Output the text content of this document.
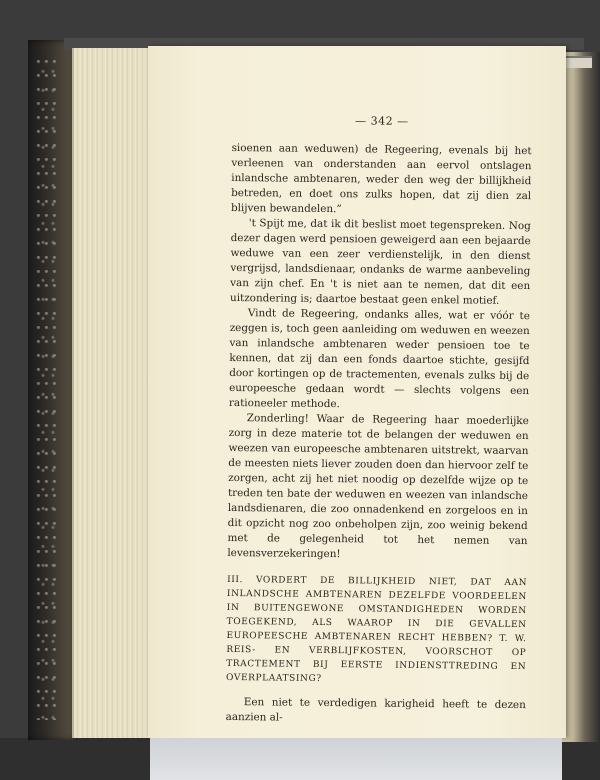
— 342 —

sioenen aan weduwen) de Regeering, evenals bij het verleenen van onderstanden aan eervol ontslagen inlandsche ambtenaren, weder den weg der billijkheid betreden, en doet ons zulks hopen, dat zij dien zal blijven bewandelen.”

't Spijt me, dat ik dit beslist moet tegenspreken. Nog dezer dagen werd pensioen geweigerd aan een bejaarde weduwe van een zeer verdienstelijk, in den dienst vergrijsd, landsdienaar, ondanks de warme aanbeveling van zijn chef. En 't is niet aan te nemen, dat dit een uitzondering is; daartoe bestaat geen enkel motief.

Vindt de Regeering, ondanks alles, wat er vóór te zeggen is, toch geen aanleiding om weduwen en weezen van inlandsche ambtenaren weder pensioen toe te kennen, dat zij dan een fonds daartoe stichte, gesijfd door kortingen op de tractementen, evenals zulks bij de europeesche gedaan wordt — slechts volgens een rationeeler methode.

Zonderling! Waar de Regeering haar moederlijke zorg in deze materie tot de belangen der weduwen en weezen van europeesche ambtenaren uitstrekt, waarvan de meesten niets liever zouden doen dan hiervoor zelf te zorgen, acht zij het niet noodig op dezelfde wijze op te treden ten bate der weduwen en weezen van inlandsche landsdienaren, die zoo onnadenkend en zorgeloos en in dit opzicht nog zoo onbeholpen zijn, zoo weinig bekend met de gelegenheid tot het nemen van levensverzekeringen!

III. VORDERT DE BILLIJKHEID NIET, DAT AAN INLANDSCHE AMBTENAREN DEZELFDE VOORDEELEN IN BUITENGEWONE OMSTANDIGHEDEN WORDEN TOEGEKEND, ALS WAAROP IN DIE GEVALLEN EUROPEESCHE AMBTENAREN RECHT HEBBEN? T. W. REIS- EN VERBLIJFKOSTEN, VOORSCHOT OP TRACTEMENT BIJ EERSTE INDIENSTTREDING EN OVERPLAATSING?

Een niet te verdedigen karigheid heeft te dezen aanzien al-
